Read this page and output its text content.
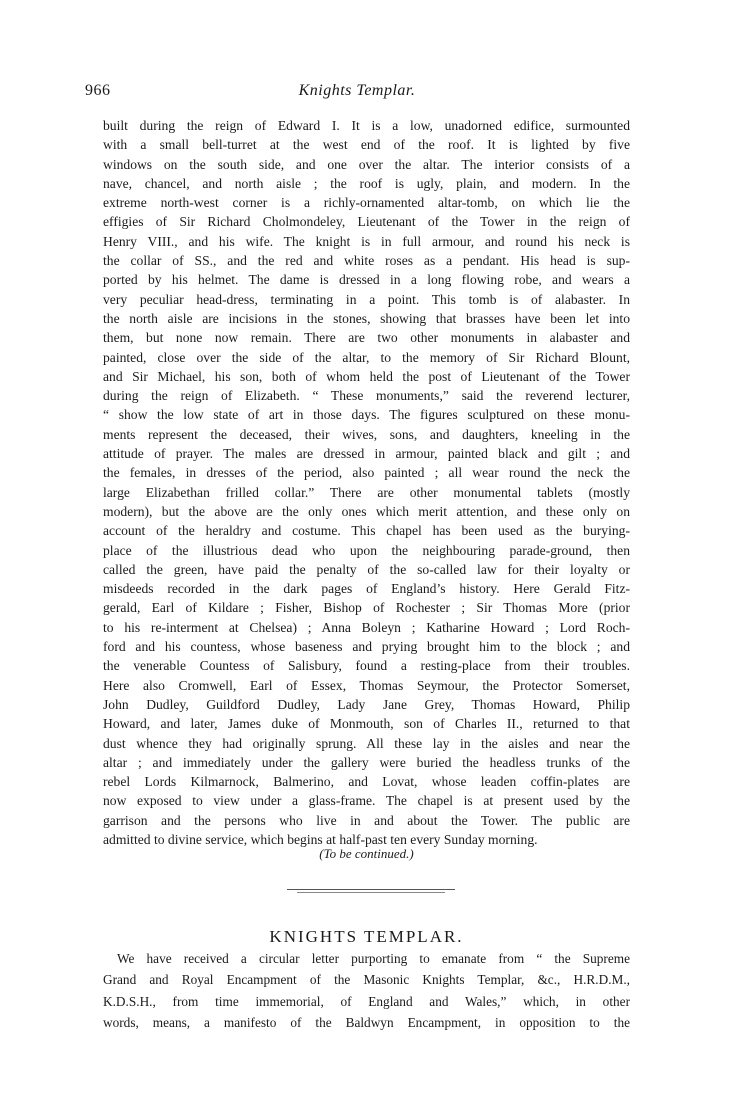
966	Knights Templar.
built during the reign of Edward I. It is a low, unadorned edifice, surmounted
with a small bell-turret at the west end of the roof. It is lighted by five
windows on the south side, and one over the altar. The interior consists of a
nave, chancel, and north aisle ; the roof is ugly, plain, and modern. In the
extreme north-west corner is a richly-ornamented altar-tomb, on which lie the
effigies of Sir Richard Cholmondeley, Lieutenant of the Tower in the reign of
Henry VIII., and his wife. The knight is in full armour, and round his neck is
the collar of SS., and the red and white roses as a pendant. His head is sup-
ported by his helmet. The dame is dressed in a long flowing robe, and wears a
very peculiar head-dress, terminating in a point. This tomb is of alabaster. In
the north aisle are incisions in the stones, showing that brasses have been let into
them, but none now remain. There are two other monuments in alabaster and
painted, close over the side of the altar, to the memory of Sir Richard Blount,
and Sir Michael, his son, both of whom held the post of Lieutenant of the Tower
during the reign of Elizabeth. “ These monuments,” said the reverend lecturer,
“ show the low state of art in those days. The figures sculptured on these monu-
ments represent the deceased, their wives, sons, and daughters, kneeling in the
attitude of prayer. The males are dressed in armour, painted black and gilt ; and
the females, in dresses of the period, also painted ; all wear round the neck the
large Elizabethan frilled collar.” There are other monumental tablets (mostly
modern), but the above are the only ones which merit attention, and these only on
account of the heraldry and costume. This chapel has been used as the burying-
place of the illustrious dead who upon the neighbouring parade-ground, then
called the green, have paid the penalty of the so-called law for their loyalty or
misdeeds recorded in the dark pages of England’s history. Here Gerald Fitz-
gerald, Earl of Kildare ; Fisher, Bishop of Rochester ; Sir Thomas More (prior
to his re-interment at Chelsea) ; Anna Boleyn ; Katharine Howard ; Lord Roch-
ford and his countess, whose baseness and prying brought him to the block ; and
the venerable Countess of Salisbury, found a resting-place from their troubles.
Here also Cromwell, Earl of Essex, Thomas Seymour, the Protector Somerset,
John Dudley, Guildford Dudley, Lady Jane Grey, Thomas Howard, Philip
Howard, and later, James duke of Monmouth, son of Charles II., returned to that
dust whence they had originally sprung. All these lay in the aisles and near the
altar ; and immediately under the gallery were buried the headless trunks of the
rebel Lords Kilmarnock, Balmerino, and Lovat, whose leaden coffin-plates are
now exposed to view under a glass-frame. The chapel is at present used by the
garrison and the persons who live in and about the Tower. The public are
admitted to divine service, which begins at half-past ten every Sunday morning.
(To be continued.)
KNIGHTS TEMPLAR.
We have received a circular letter purporting to emanate from “ the Supreme
Grand and Royal Encampment of the Masonic Knights Templar, &c., H.R.D.M.,
K.D.S.H., from time immemorial, of England and Wales,” which, in other
words, means, a manifesto of the Baldwyn Encampment, in opposition to the
